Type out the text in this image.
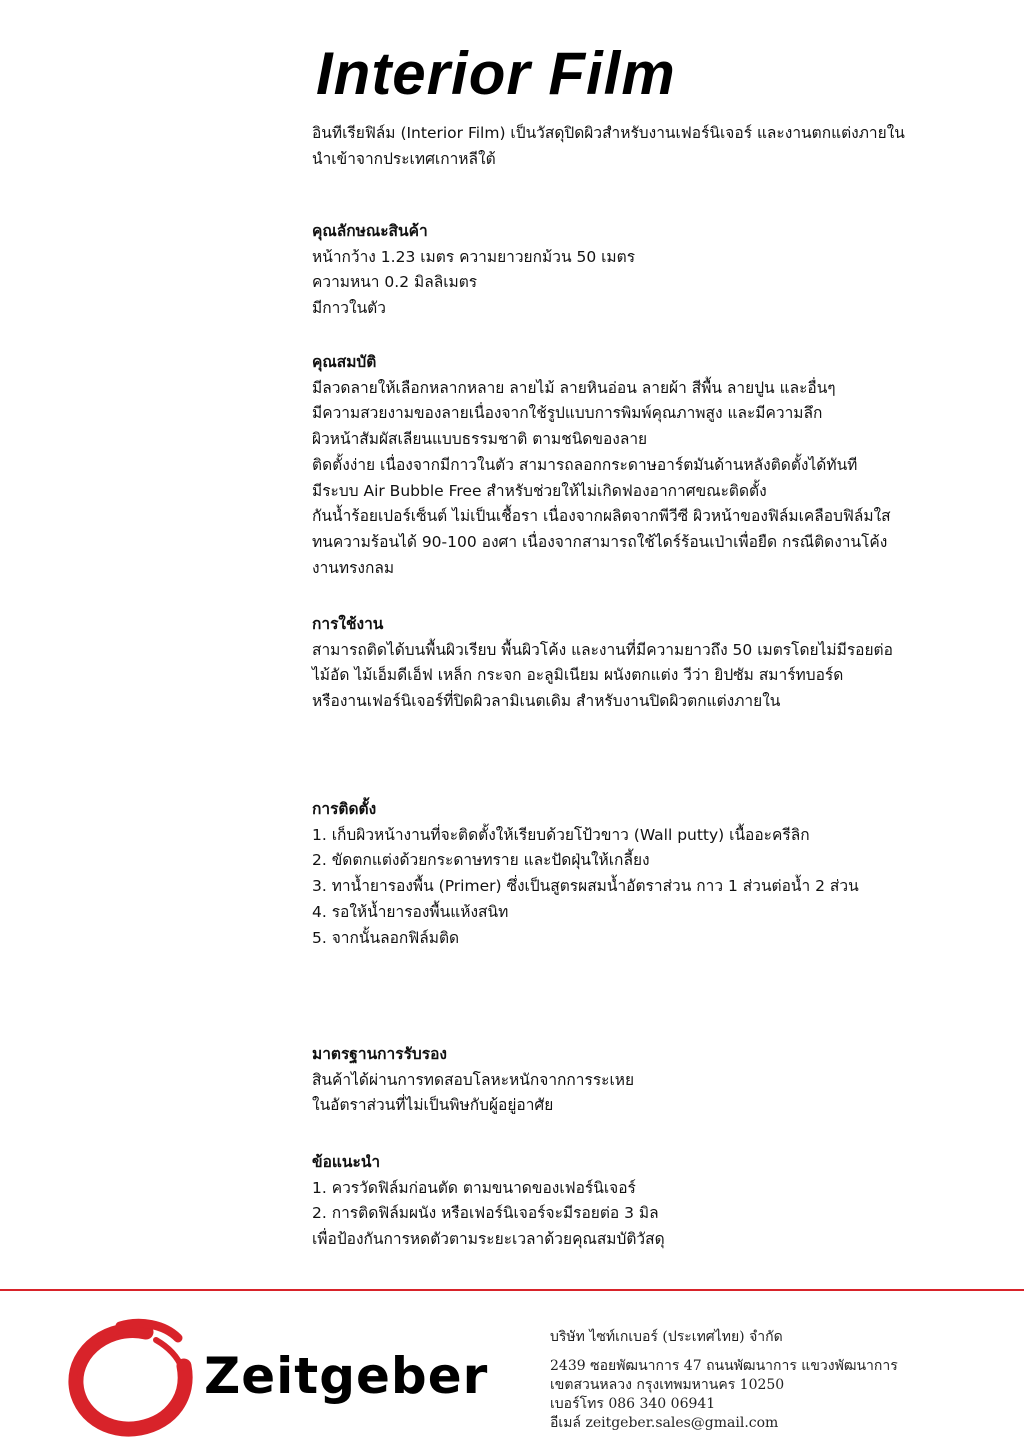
Interior Film
อินทีเรียฟิล์ม (Interior Film) เป็นวัสดุปิดผิวสำหรับงานเฟอร์นิเจอร์ และงานตกแต่งภายใน
นำเข้าจากประเทศเกาหลีใต้
คุณลักษณะสินค้า
หน้ากว้าง 1.23 เมตร ความยาวยกม้วน 50 เมตร
ความหนา 0.2 มิลลิเมตร
มีกาวในตัว
คุณสมบัติ
มีลวดลายให้เลือกหลากหลาย ลายไม้ ลายหินอ่อน ลายผ้า สีพื้น ลายปูน และอื่นๆ
มีความสวยงามของลายเนื่องจากใช้รูปแบบการพิมพ์คุณภาพสูง และมีความลึก
ผิวหน้าสัมผัสเลียนแบบธรรมชาติ ตามชนิดของลาย
ติดตั้งง่าย เนื่องจากมีกาวในตัว สามารถลอกกระดาษอาร์ตมันด้านหลังติดตั้งได้ทันที
มีระบบ Air Bubble Free สำหรับช่วยให้ไม่เกิดฟองอากาศขณะติดตั้ง
กันน้ำร้อยเปอร์เซ็นต์ ไม่เป็นเชื้อรา เนื่องจากผลิตจากพีวีซี ผิวหน้าของฟิล์มเคลือบฟิล์มใส
ทนความร้อนได้ 90-100 องศา เนื่องจากสามารถใช้ไดร์ร้อนเป่าเพื่อยืด กรณีติดงานโค้ง
งานทรงกลม
การใช้งาน
สามารถติดได้บนพื้นผิวเรียบ พื้นผิวโค้ง และงานที่มีความยาวถึง 50 เมตรโดยไม่มีรอยต่อ
ไม้อัด ไม้เอ็มดีเอ็ฟ เหล็ก กระจก อะลูมิเนียม ผนังตกแต่ง วีว่า ยิปซัม สมาร์ทบอร์ด
หรืองานเฟอร์นิเจอร์ที่ปิดผิวลามิเนตเดิม สำหรับงานปิดผิวตกแต่งภายใน
การติดตั้ง
1. เก็บผิวหน้างานที่จะติดตั้งให้เรียบด้วยโป้วขาว (Wall putty) เนื้ออะครีลิก
2. ขัดตกแต่งด้วยกระดาษทราย และปัดฝุ่นให้เกลี้ยง
3. ทาน้ำยารองพื้น (Primer) ซึ่งเป็นสูตรผสมน้ำอัตราส่วน กาว 1 ส่วนต่อน้ำ 2 ส่วน
4. รอให้น้ำยารองพื้นแห้งสนิท
5. จากนั้นลอกฟิล์มติด
มาตรฐานการรับรอง
สินค้าได้ผ่านการทดสอบโลหะหนักจากการระเหย
ในอัตราส่วนที่ไม่เป็นพิษกับผู้อยู่อาศัย
ข้อแนะนำ
1. ควรวัดฟิล์มก่อนตัด ตามขนาดของเฟอร์นิเจอร์
2. การติดฟิล์มผนัง หรือเฟอร์นิเจอร์จะมีรอยต่อ 3 มิล
เพื่อป้องกันการหดตัวตามระยะเวลาด้วยคุณสมบัติวัสดุ
Zeitgeber
บริษัท ไซท์เกเบอร์ (ประเทศไทย) จำกัด
2439 ซอยพัฒนาการ 47 ถนนพัฒนาการ แขวงพัฒนาการ
เขตสวนหลวง กรุงเทพมหานคร 10250
เบอร์โทร 086 340 06941
อีเมล์ zeitgeber.sales@gmail.com
